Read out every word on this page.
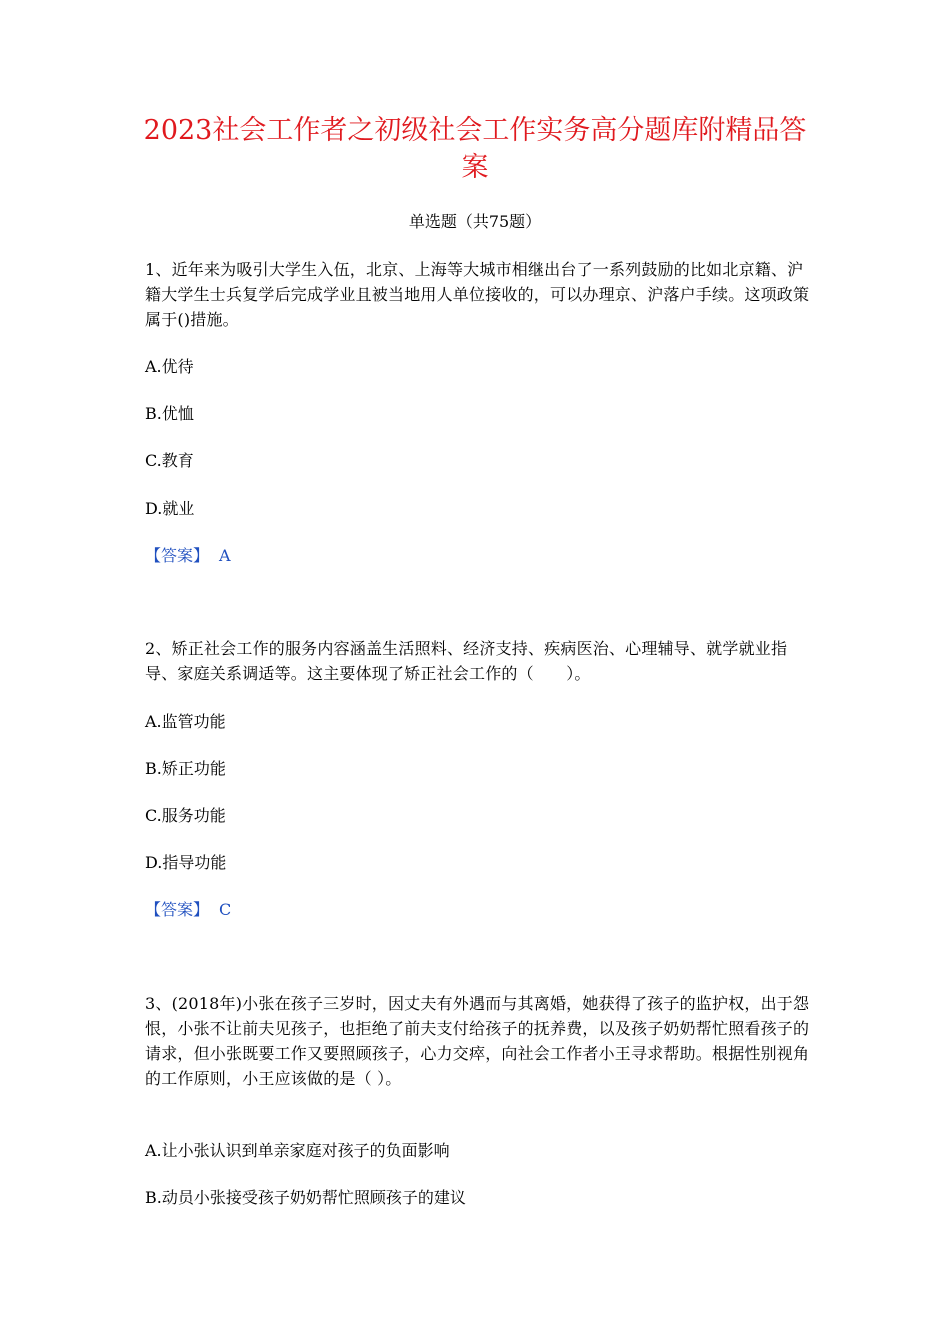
2023社会工作者之初级社会工作实务高分题库附精品答案
单选题（共75题）

1、近年来为吸引大学生入伍，北京、上海等大城市相继出台了一系列鼓励的比如北京籍、沪籍大学生士兵复学后完成学业且被当地用人单位接收的，可以办理京、沪落户手续。这项政策属于()措施。

A.优待
B.优恤
C.教育
D.就业
【答案】 A

2、矫正社会工作的服务内容涵盖生活照料、经济支持、疾病医治、心理辅导、就学就业指导、家庭关系调适等。这主要体现了矫正社会工作的（　　）。

A.监管功能
B.矫正功能
C.服务功能
D.指导功能
【答案】 C

3、(2018年)小张在孩子三岁时，因丈夫有外遇而与其离婚，她获得了孩子的监护权，出于怨恨，小张不让前夫见孩子，也拒绝了前夫支付给孩子的抚养费，以及孩子奶奶帮忙照看孩子的请求，但小张既要工作又要照顾孩子，心力交瘁，向社会工作者小王寻求帮助。根据性别视角的工作原则，小王应该做的是（ ）。

A.让小张认识到单亲家庭对孩子的负面影响
B.动员小张接受孩子奶奶帮忙照顾孩子的建议
